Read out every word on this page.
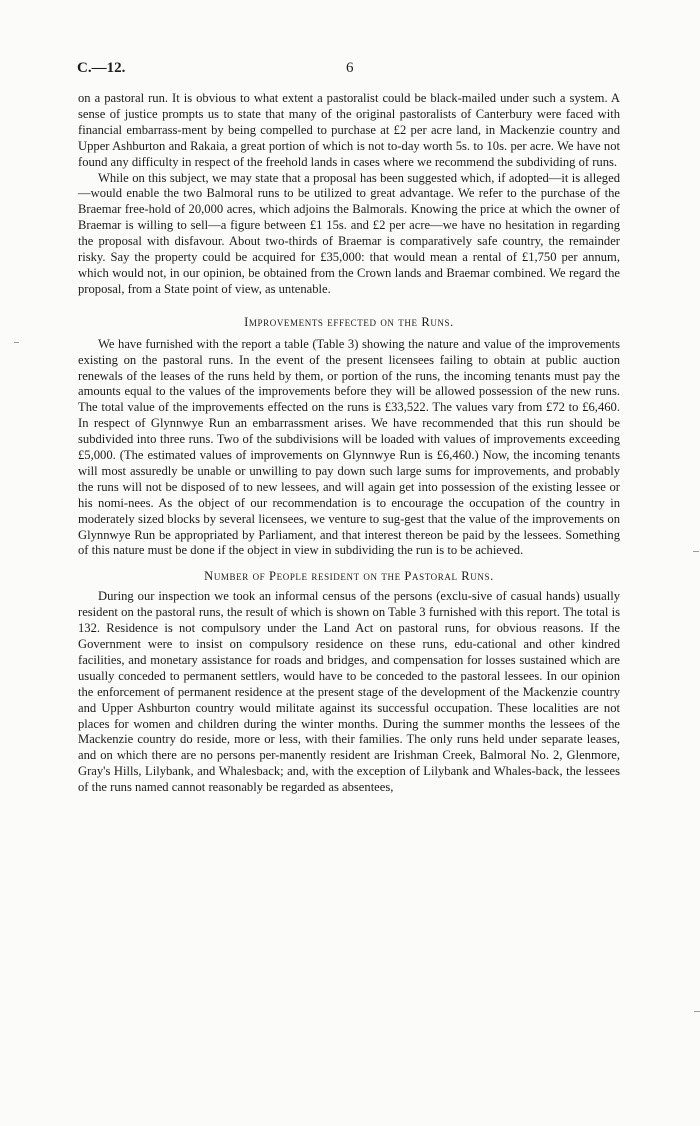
C.—12.	6

on a pastoral run. It is obvious to what extent a pastoralist could be black-mailed under such a system. A sense of justice prompts us to state that many of the original pastoralists of Canterbury were faced with financial embarrass-ment by being compelled to purchase at £2 per acre land, in Mackenzie country and Upper Ashburton and Rakaia, a great portion of which is not to-day worth 5s. to 10s. per acre. We have not found any difficulty in respect of the freehold lands in cases where we recommend the subdividing of runs.

While on this subject, we may state that a proposal has been suggested which, if adopted—it is alleged—would enable the two Balmoral runs to be utilized to great advantage. We refer to the purchase of the Braemar free-hold of 20,000 acres, which adjoins the Balmorals. Knowing the price at which the owner of Braemar is willing to sell—a figure between £1 15s. and £2 per acre—we have no hesitation in regarding the proposal with disfavour. About two-thirds of Braemar is comparatively safe country, the remainder risky. Say the property could be acquired for £35,000: that would mean a rental of £1,750 per annum, which would not, in our opinion, be obtained from the Crown lands and Braemar combined. We regard the proposal, from a State point of view, as untenable.

Improvements effected on the Runs.

We have furnished with the report a table (Table 3) showing the nature and value of the improvements existing on the pastoral runs. In the event of the present licensees failing to obtain at public auction renewals of the leases of the runs held by them, or portion of the runs, the incoming tenants must pay the amounts equal to the values of the improvements before they will be allowed possession of the new runs. The total value of the improvements effected on the runs is £33,522. The values vary from £72 to £6,460. In respect of Glynnwye Run an embarrassment arises. We have recommended that this run should be subdivided into three runs. Two of the subdivisions will be loaded with values of improvements exceeding £5,000. (The estimated values of improvements on Glynnwye Run is £6,460.) Now, the incoming tenants will most assuredly be unable or unwilling to pay down such large sums for improvements, and probably the runs will not be disposed of to new lessees, and will again get into possession of the existing lessee or his nomi-nees. As the object of our recommendation is to encourage the occupation of the country in moderately sized blocks by several licensees, we venture to sug-gest that the value of the improvements on Glynnwye Run be appropriated by Parliament, and that interest thereon be paid by the lessees. Something of this nature must be done if the object in view in subdividing the run is to be achieved.

Number of People resident on the Pastoral Runs.

During our inspection we took an informal census of the persons (exclu-sive of casual hands) usually resident on the pastoral runs, the result of which is shown on Table 3 furnished with this report. The total is 132. Residence is not compulsory under the Land Act on pastoral runs, for obvious reasons. If the Government were to insist on compulsory residence on these runs, edu-cational and other kindred facilities, and monetary assistance for roads and bridges, and compensation for losses sustained which are usually conceded to permanent settlers, would have to be conceded to the pastoral lessees. In our opinion the enforcement of permanent residence at the present stage of the development of the Mackenzie country and Upper Ashburton country would militate against its successful occupation. These localities are not places for women and children during the winter months. During the summer months the lessees of the Mackenzie country do reside, more or less, with their families. The only runs held under separate leases, and on which there are no persons per-manently resident are Irishman Creek, Balmoral No. 2, Glenmore, Gray's Hills, Lilybank, and Whalesback; and, with the exception of Lilybank and Whales-back, the lessees of the runs named cannot reasonably be regarded as absentees,
